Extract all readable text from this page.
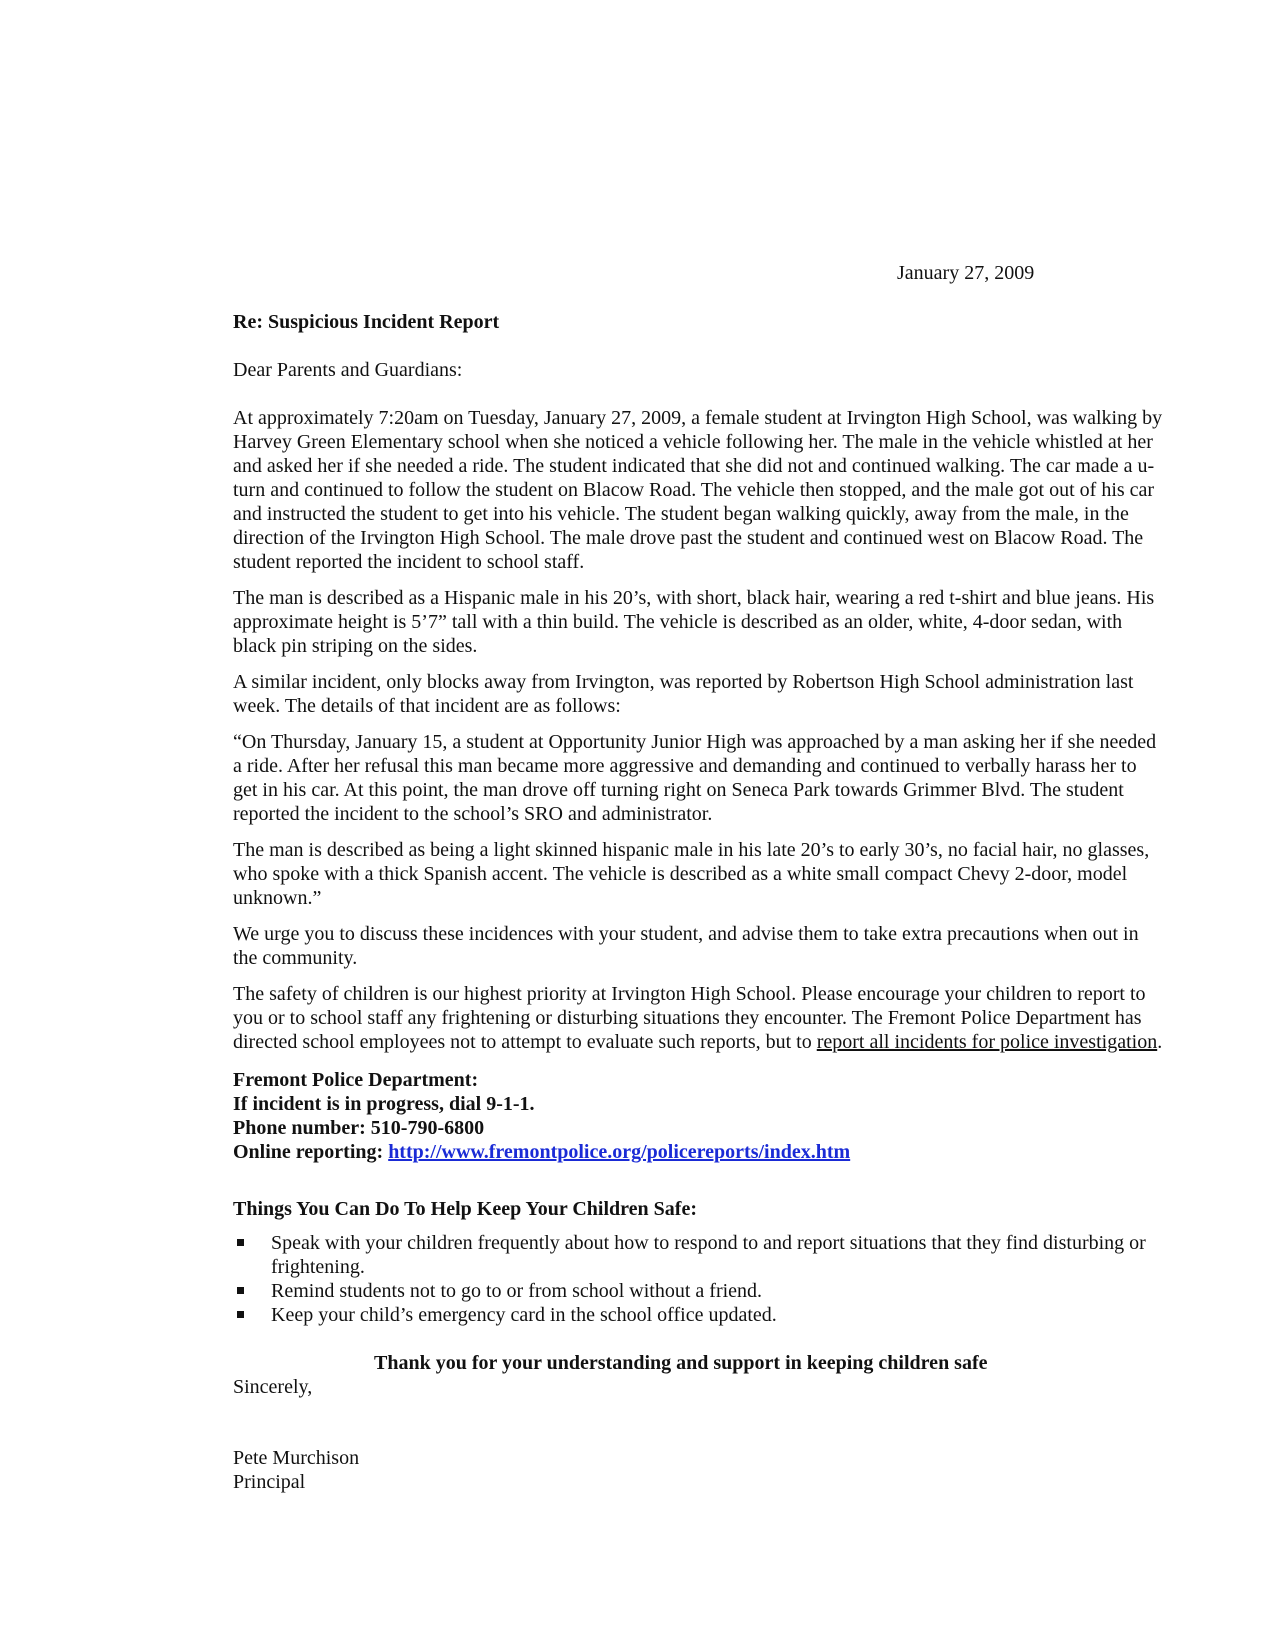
January 27, 2009
Re: Suspicious Incident Report
Dear Parents and Guardians:

At approximately 7:20am on Tuesday, January 27, 2009, a female student at Irvington High School, was walking by Harvey Green Elementary school when she noticed a vehicle following her. The male in the vehicle whistled at her and asked her if she needed a ride. The student indicated that she did not and continued walking. The car made a u-turn and continued to follow the student on Blacow Road. The vehicle then stopped, and the male got out of his car and instructed the student to get into his vehicle. The student began walking quickly, away from the male, in the direction of the Irvington High School. The male drove past the student and continued west on Blacow Road. The student reported the incident to school staff.

The man is described as a Hispanic male in his 20’s, with short, black hair, wearing a red t-shirt and blue jeans. His approximate height is 5’7” tall with a thin build. The vehicle is described as an older, white, 4-door sedan, with black pin striping on the sides.

A similar incident, only blocks away from Irvington, was reported by Robertson High School administration last week. The details of that incident are as follows:

“On Thursday, January 15, a student at Opportunity Junior High was approached by a man asking her if she needed a ride. After her refusal this man became more aggressive and demanding and continued to verbally harass her to get in his car. At this point, the man drove off turning right on Seneca Park towards Grimmer Blvd. The student reported the incident to the school’s SRO and administrator.

The man is described as being a light skinned hispanic male in his late 20’s to early 30’s, no facial hair, no glasses, who spoke with a thick Spanish accent. The vehicle is described as a white small compact Chevy 2-door, model unknown.”

We urge you to discuss these incidences with your student, and advise them to take extra precautions when out in the community.

The safety of children is our highest priority at Irvington High School. Please encourage your children to report to you or to school staff any frightening or disturbing situations they encounter. The Fremont Police Department has directed school employees not to attempt to evaluate such reports, but to report all incidents for police investigation.

Fremont Police Department:
If incident is in progress, dial 9-1-1.
Phone number: 510-790-6800
Online reporting: http://www.fremontpolice.org/policereports/index.htm
Things You Can Do To Help Keep Your Children Safe:
Speak with your children frequently about how to respond to and report situations that they find disturbing or frightening.
Remind students not to go to or from school without a friend.
Keep your child’s emergency card in the school office updated.
Thank you for your understanding and support in keeping children safe
Sincerely,
Pete Murchison
Principal
